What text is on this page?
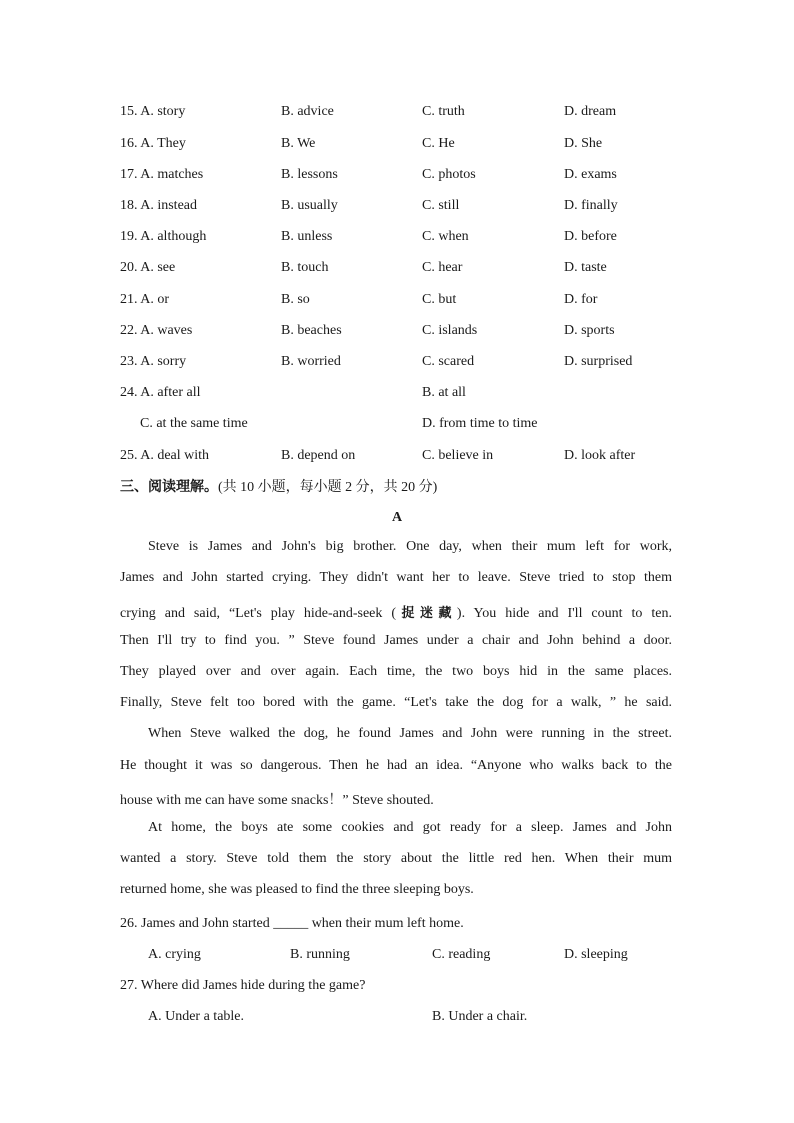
15. A. story	B. advice	C. truth	D. dream
16. A. They	B. We	C. He	D. She
17. A. matches	B. lessons	C. photos	D. exams
18. A. instead	B. usually	C. still	D. finally
19. A. although	B. unless	C. when	D. before
20. A. see	B. touch	C. hear	D. taste
21. A. or	B. so	C. but	D. for
22. A. waves	B. beaches	C. islands	D. sports
23. A. sorry	B. worried	C. scared	D. surprised
24. A. after all	B. at all
C. at the same time	D. from time to time
25. A. deal with	B. depend on	C. believe in	D. look after
三、阅读理解。(共 10 小题，每小题 2 分，共 20 分)
A
Steve is James and John's big brother. One day, when their mum left for work,
James and John started crying. They didn't want her to leave. Steve tried to stop them
crying and said, “Let's play hide-and-seek (捉迷藏). You hide and I'll count to ten.
Then I'll try to find you. ” Steve found James under a chair and John behind a door.
They played over and over again. Each time, the two boys hid in the same places.
Finally, Steve felt too bored with the game. “Let's take the dog for a walk, ” he said.
When Steve walked the dog, he found James and John were running in the street.
He thought it was so dangerous. Then he had an idea. “Anyone who walks back to the
house with me can have some snacks！” Steve shouted.
At home, the boys ate some cookies and got ready for a sleep. James and John
wanted a story. Steve told them the story about the little red hen. When their mum
returned home, she was pleased to find the three sleeping boys.
26. James and John started _____ when their mum left home.
A. crying	B. running	C. reading	D. sleeping
27. Where did James hide during the game?
A. Under a table.	B. Under a chair.
